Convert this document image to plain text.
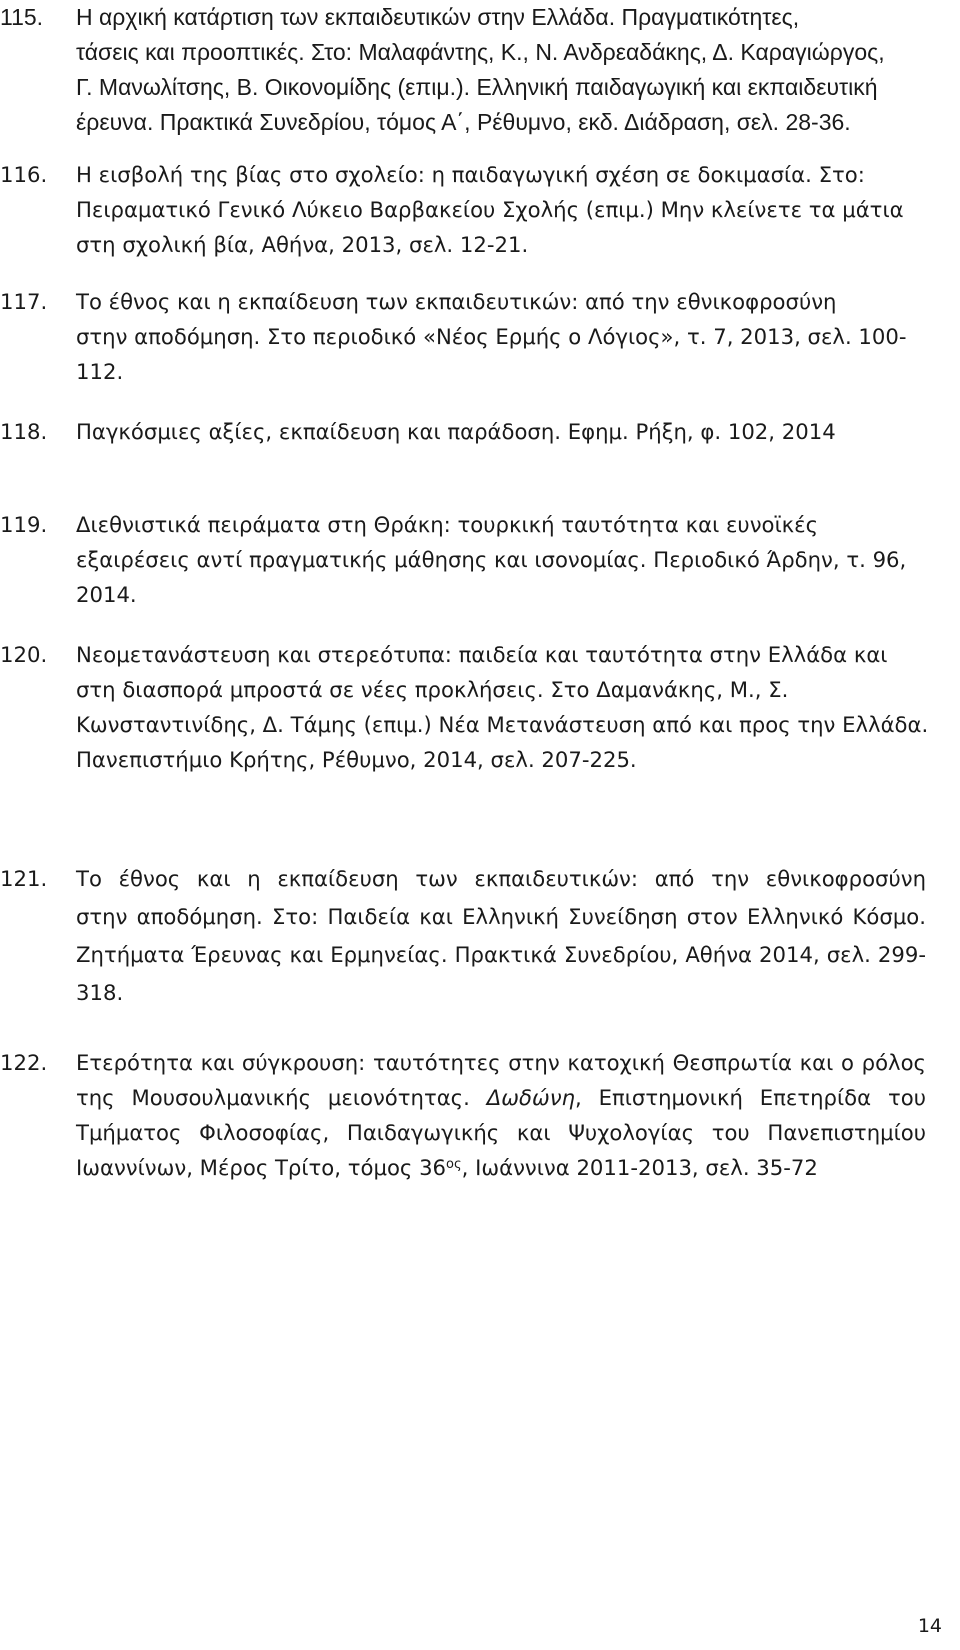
115. Η αρχική κατάρτιση των εκπαιδευτικών στην Ελλάδα. Πραγματικότητες,
τάσεις και προοπτικές. Στο: Μαλαφάντης, Κ., Ν. Ανδρεαδάκης, Δ. Καραγιώργος,
Γ. Μανωλίτσης, Β. Οικονομίδης (επιμ.). Ελληνική παιδαγωγική και εκπαιδευτική
έρευνα. Πρακτικά Συνεδρίου, τόμος Α΄, Ρέθυμνο, εκδ. Διάδραση, σελ. 28-36.
116. Η εισβολή της βίας στο σχολείο: η παιδαγωγική σχέση σε δοκιμασία. Στο:
Πειραματικό Γενικό Λύκειο Βαρβακείου Σχολής (επιμ.) Μην κλείνετε τα μάτια
στη σχολική βία, Αθήνα, 2013, σελ. 12-21.
117. Το έθνος και η εκπαίδευση των εκπαιδευτικών: από την εθνικοφροσύνη
στην αποδόμηση. Στο περιοδικό «Νέος Ερμής ο Λόγιος», τ. 7, 2013, σελ. 100-
112.
118. Παγκόσμιες αξίες, εκπαίδευση και παράδοση. Εφημ. Ρήξη, φ. 102, 2014
119. Διεθνιστικά πειράματα στη Θράκη: τουρκική ταυτότητα και ευνοϊκές
εξαιρέσεις αντί πραγματικής μάθησης και ισονομίας. Περιοδικό Άρδην, τ. 96,
2014.
120. Νεομετανάστευση και στερεότυπα: παιδεία και ταυτότητα στην Ελλάδα και
στη διασπορά μπροστά σε νέες προκλήσεις. Στο Δαμανάκης, Μ., Σ.
Κωνσταντινίδης, Δ. Τάμης (επιμ.) Νέα Μετανάστευση από και προς την Ελλάδα.
Πανεπιστήμιο Κρήτης, Ρέθυμνο, 2014, σελ. 207-225.
121. Το έθνος και η εκπαίδευση των εκπαιδευτικών: από την εθνικοφροσύνη
στην αποδόμηση. Στο: Παιδεία και Ελληνική Συνείδηση στον Ελληνικό Κόσμο.
Ζητήματα Έρευνας και Ερμηνείας. Πρακτικά Συνεδρίου, Αθήνα 2014, σελ. 299-
318.
122. Ετερότητα και σύγκρουση: ταυτότητες στην κατοχική Θεσπρωτία και ο ρόλος
της Μουσουλμανικής μειονότητας. Δωδώνη, Επιστημονική Επετηρίδα του
Τμήματος Φιλοσοφίας, Παιδαγωγικής και Ψυχολογίας του Πανεπιστημίου
Ιωαννίνων, Μέρος Τρίτο, τόμος $36^{o\varsigma}$, Ιωάννινα 2011-2013, σελ. 35-72
14
